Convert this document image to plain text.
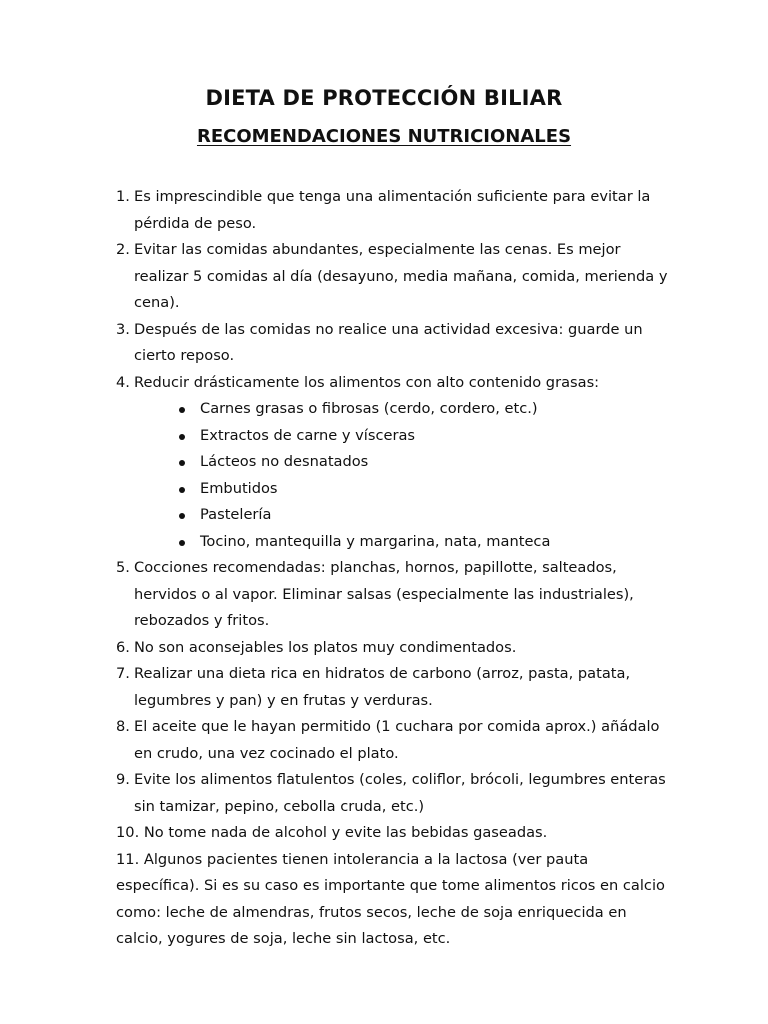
DIETA DE PROTECCIÓN BILIAR
RECOMENDACIONES NUTRICIONALES
1. Es imprescindible que tenga una alimentación suficiente para evitar la pérdida de peso.
2. Evitar las comidas abundantes, especialmente las cenas. Es mejor realizar 5 comidas al día (desayuno, media mañana, comida, merienda y cena).
3. Después de las comidas no realice una actividad excesiva: guarde un cierto reposo.
4. Reducir drásticamente los alimentos con alto contenido grasas:
Carnes grasas o fibrosas (cerdo, cordero, etc.)
Extractos de carne y vísceras
Lácteos no desnatados
Embutidos
Pastelería
Tocino, mantequilla y margarina, nata, manteca
5. Cocciones recomendadas: planchas, hornos, papillotte, salteados, hervidos o al vapor. Eliminar salsas (especialmente las industriales), rebozados y fritos.
6. No son aconsejables los platos muy condimentados.
7. Realizar una dieta rica en hidratos de carbono (arroz, pasta, patata, legumbres y pan) y en frutas y verduras.
8. El aceite que le hayan permitido (1 cuchara por comida aprox.) añádalo en crudo, una vez cocinado el plato.
9. Evite los alimentos flatulentos (coles, coliflor, brócoli, legumbres enteras sin tamizar, pepino, cebolla cruda, etc.)
10. No tome nada de alcohol y evite las bebidas gaseadas.
11. Algunos pacientes tienen intolerancia a la lactosa (ver pauta específica). Si es su caso es importante que tome alimentos ricos en calcio como: leche de almendras, frutos secos, leche de soja enriquecida en calcio, yogures de soja, leche sin lactosa, etc.
